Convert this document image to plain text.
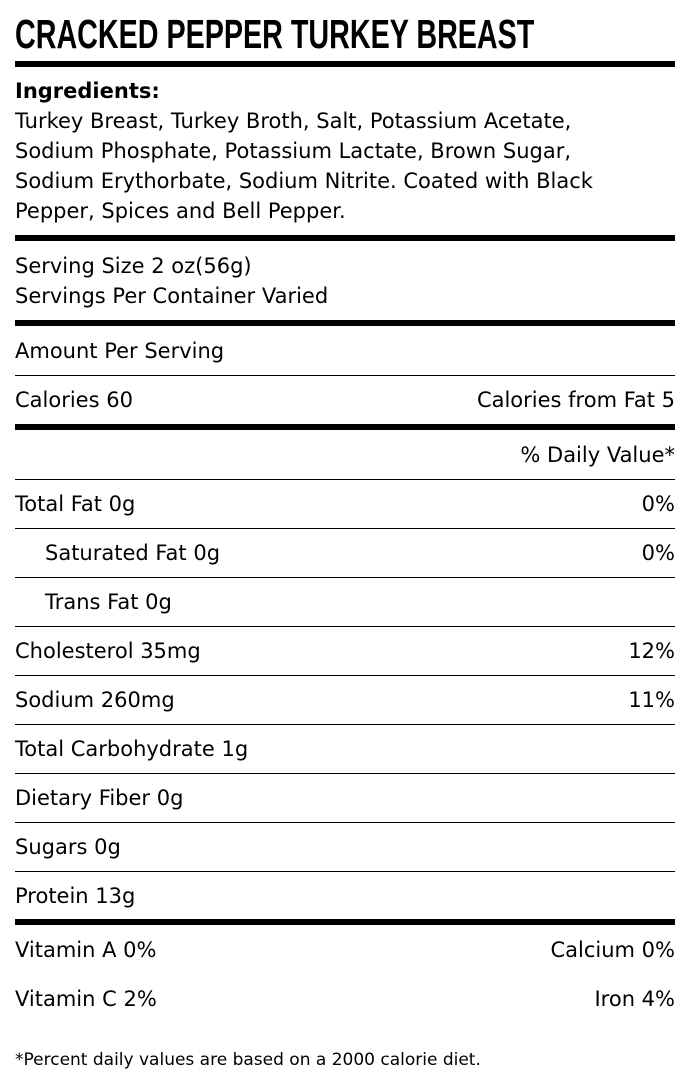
CRACKED PEPPER TURKEY BREAST
Ingredients:
Turkey Breast, Turkey Broth, Salt, Potassium Acetate,
Sodium Phosphate, Potassium Lactate, Brown Sugar,
Sodium Erythorbate, Sodium Nitrite. Coated with Black
Pepper, Spices and Bell Pepper.
Serving Size 2 oz(56g)
Servings Per Container Varied
Amount Per Serving
Calories 60	Calories from Fat 5
% Daily Value*
Total Fat 0g	0%
Saturated Fat 0g	0%
Trans Fat 0g
Cholesterol 35mg	12%
Sodium 260mg	11%
Total Carbohydrate 1g
Dietary Fiber 0g
Sugars 0g
Protein 13g
Vitamin A 0%	Calcium 0%
Vitamin C 2%	Iron 4%
*Percent daily values are based on a 2000 calorie diet.
